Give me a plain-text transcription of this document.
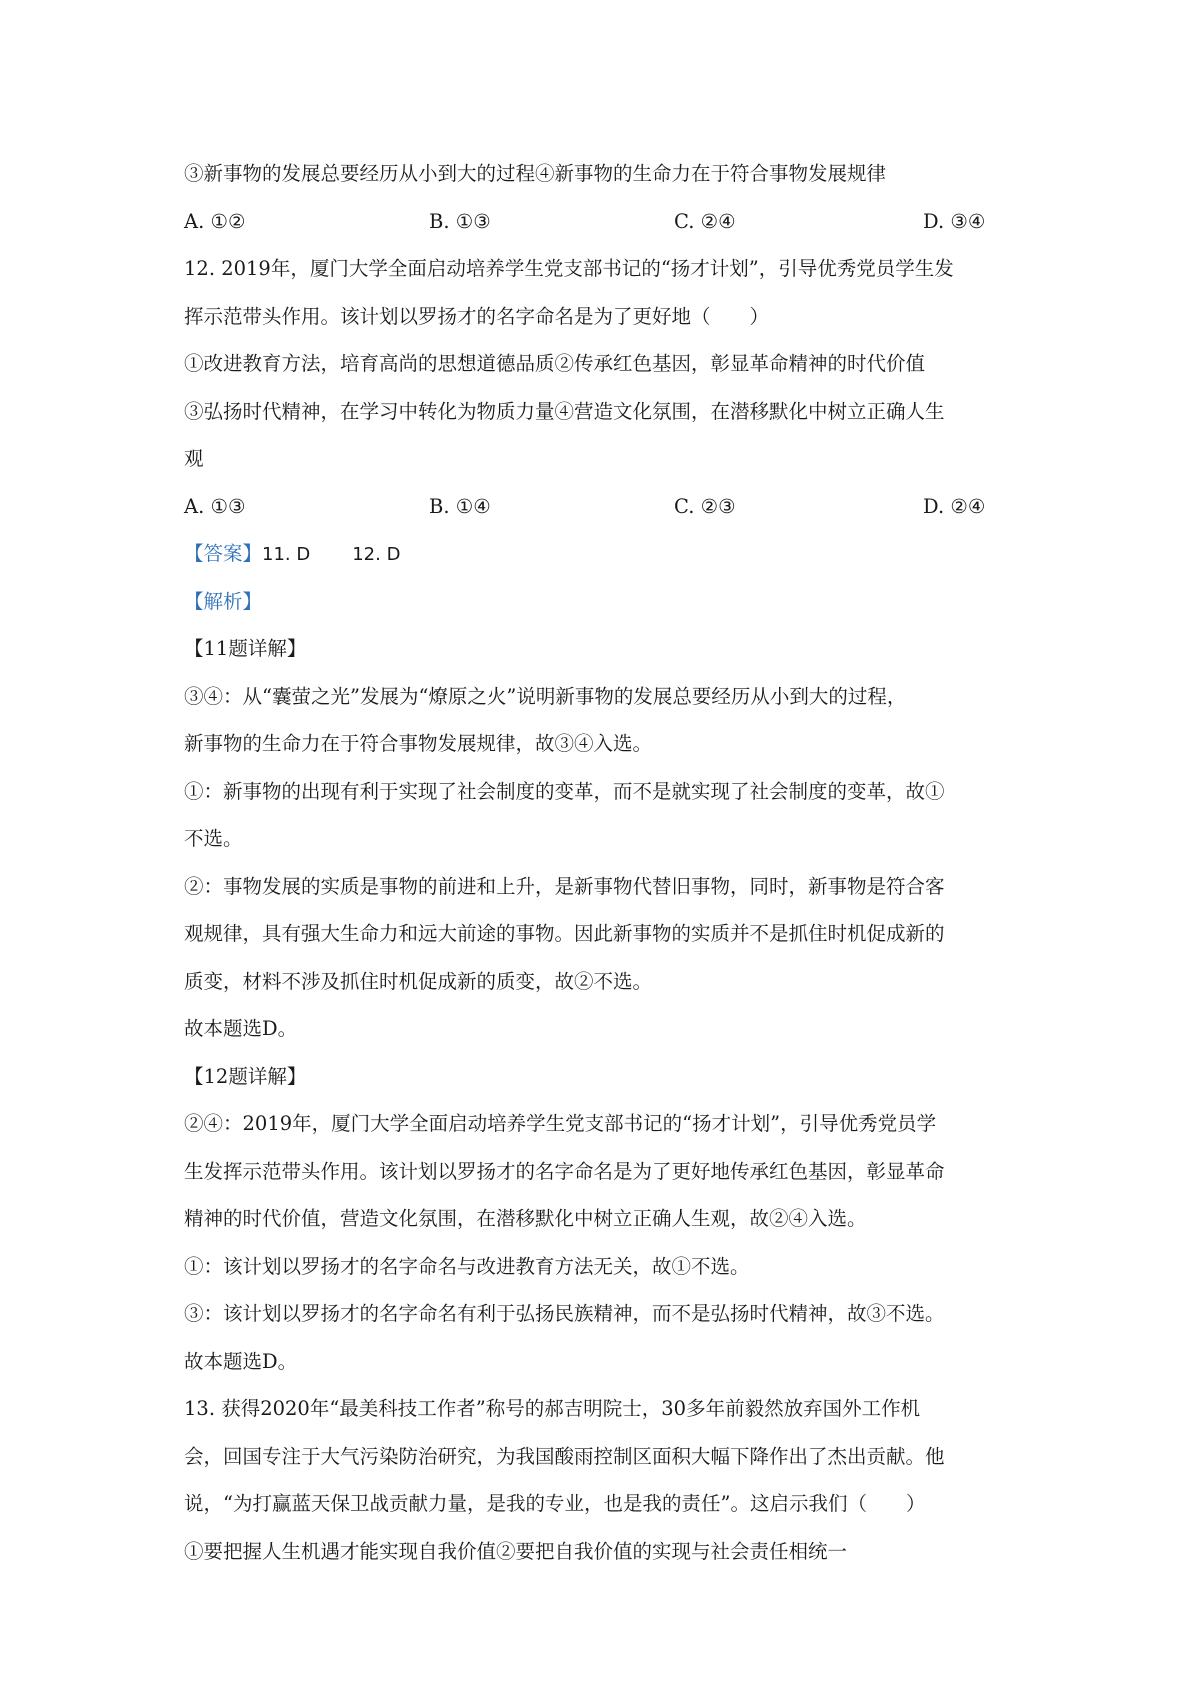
③新事物的发展总要经历从小到大的过程④新事物的生命力在于符合事物发展规律
A. ①②	B. ①③	C. ②④	D. ③④
12. 2019年，厦门大学全面启动培养学生党支部书记的“扬才计划”，引导优秀党员学生发
挥示范带头作用。该计划以罗扬才的名字命名是为了更好地（　　）
①改进教育方法，培育高尚的思想道德品质②传承红色基因，彰显革命精神的时代价值
③弘扬时代精神，在学习中转化为物质力量④营造文化氛围，在潜移默化中树立正确人生
观
A. ①③	B. ①④	C. ②③	D. ②④
【答案】11. D 12. D
【解析】
【11题详解】
③④：从“囊萤之光”发展为“燎原之火”说明新事物的发展总要经历从小到大的过程，
新事物的生命力在于符合事物发展规律，故③④入选。
①：新事物的出现有利于实现了社会制度的变革，而不是就实现了社会制度的变革，故①
不选。
②：事物发展的实质是事物的前进和上升，是新事物代替旧事物，同时，新事物是符合客
观规律，具有强大生命力和远大前途的事物。因此新事物的实质并不是抓住时机促成新的
质变，材料不涉及抓住时机促成新的质变，故②不选。
故本题选D。
【12题详解】
②④：2019年，厦门大学全面启动培养学生党支部书记的“扬才计划”，引导优秀党员学
生发挥示范带头作用。该计划以罗扬才的名字命名是为了更好地传承红色基因，彰显革命
精神的时代价值，营造文化氛围，在潜移默化中树立正确人生观，故②④入选。
①：该计划以罗扬才的名字命名与改进教育方法无关，故①不选。
③：该计划以罗扬才的名字命名有利于弘扬民族精神，而不是弘扬时代精神，故③不选。
故本题选D。
13. 获得2020年“最美科技工作者”称号的郝吉明院士，30多年前毅然放弃国外工作机
会，回国专注于大气污染防治研究，为我国酸雨控制区面积大幅下降作出了杰出贡献。他
说，“为打赢蓝天保卫战贡献力量，是我的专业，也是我的责任”。这启示我们（　　）
①要把握人生机遇才能实现自我价值②要把自我价值的实现与社会责任相统一
